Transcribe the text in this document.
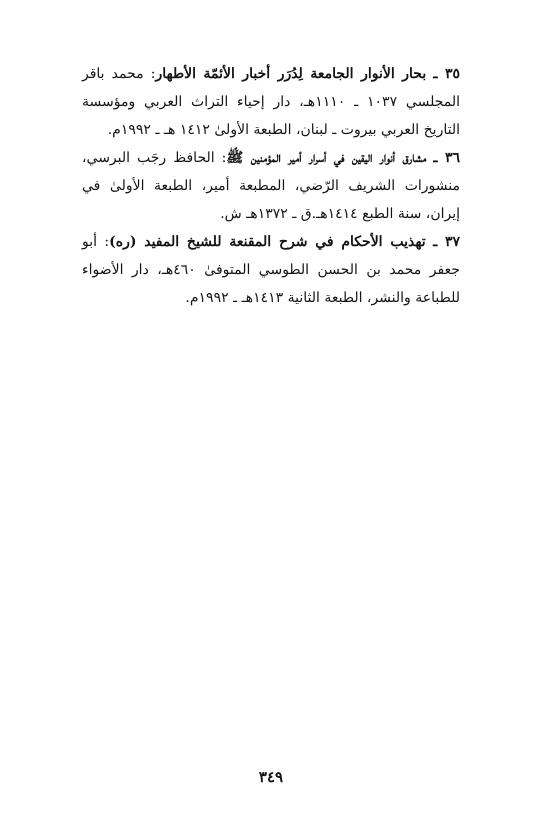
٣٥ ـ بحار الأنوار الجامعة لِدُرَر أخبار الأئمّة الأطهار: محمد باقر المجلسي ١٠٣٧ ـ ١١١٠هـ، دار إحياء التراث العربي ومؤسسة التاريخ العربي بيروت ـ لبنان، الطبعة الأولىٰ ١٤١٢ هـ ـ ١٩٩٢م.

٣٦ ـ مشارق أنوار اليقين في أسرار أمير المؤمنين ﷺ: الحافظ رجَب البرسي، منشورات الشريف الرّضي، المطبعة أمير، الطبعة الأولىٰ في إيران، سنة الطبع ١٤١٤هـ.ق ـ ١٣٧٢هـ ش.

٣٧ ـ تهذيب الأحكام في شرح المقنعة للشيخ المفيد (ره): أبو جعفر محمد بن الحسن الطوسي المتوفىٰ ٤٦٠هـ، دار الأضواء للطباعة والنشر، الطبعة الثانية ١٤١٣هـ ـ ١٩٩٢م.

٣٤٩
